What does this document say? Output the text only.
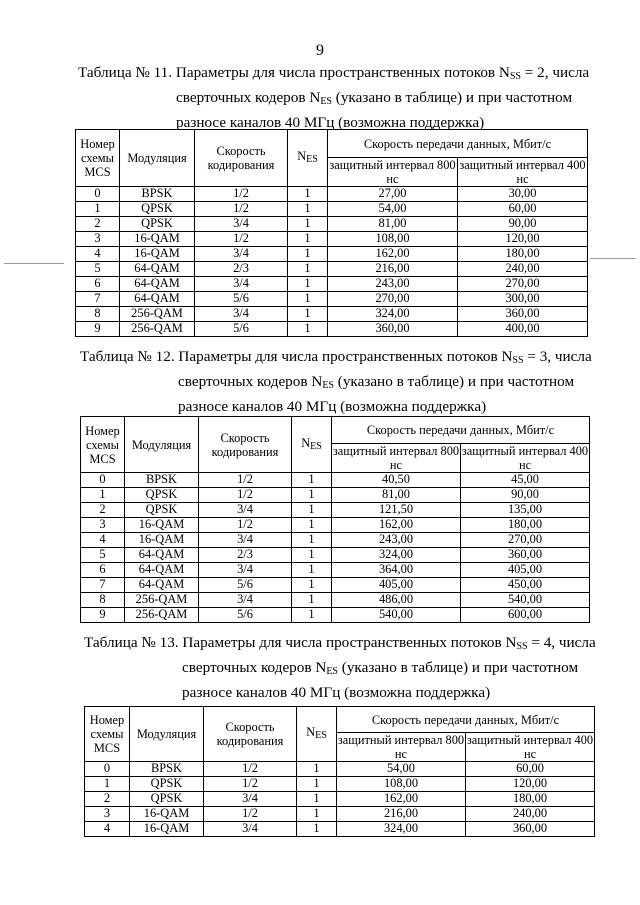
9
Таблица № 11. Параметры для числа пространственных потоков $N_{SS} = 2$, числа
сверточных кодеров $N_{ES}$ (указано в таблице) и при частотном
разносе каналов 40 МГц (возможна поддержка)
Номер схемы MCS	Модуляция	Скорость кодирования	$N_{ES}$	Скорость передачи данных, Мбит/с	
				защитный интервал 800 нс	защитный интервал 400 нс
0	BPSK	1/2	1	27,00	30,00
1	QPSK	1/2	1	54,00	60,00
2	QPSK	3/4	1	81,00	90,00
3	16-QAM	1/2	1	108,00	120,00
4	16-QAM	3/4	1	162,00	180,00
5	64-QAM	2/3	1	216,00	240,00
6	64-QAM	3/4	1	243,00	270,00
7	64-QAM	5/6	1	270,00	300,00
8	256-QAM	3/4	1	324,00	360,00
9	256-QAM	5/6	1	360,00	400,00
Таблица № 12. Параметры для числа пространственных потоков $N_{SS} = 3$, числа
сверточных кодеров $N_{ES}$ (указано в таблице) и при частотном
разносе каналов 40 МГц (возможна поддержка)
Номер схемы MCS	Модуляция	Скорость кодирования	$N_{ES}$	Скорость передачи данных, Мбит/с	
				защитный интервал 800 нс	защитный интервал 400 нс
0	BPSK	1/2	1	40,50	45,00
1	QPSK	1/2	1	81,00	90,00
2	QPSK	3/4	1	121,50	135,00
3	16-QAM	1/2	1	162,00	180,00
4	16-QAM	3/4	1	243,00	270,00
5	64-QAM	2/3	1	324,00	360,00
6	64-QAM	3/4	1	364,00	405,00
7	64-QAM	5/6	1	405,00	450,00
8	256-QAM	3/4	1	486,00	540,00
9	256-QAM	5/6	1	540,00	600,00
Таблица № 13. Параметры для числа пространственных потоков $N_{SS} = 4$, числа
сверточных кодеров $N_{ES}$ (указано в таблице) и при частотном
разносе каналов 40 МГц (возможна поддержка)
Номер схемы MCS	Модуляция	Скорость кодирования	$N_{ES}$	Скорость передачи данных, Мбит/с	
				защитный интервал 800 нс	защитный интервал 400 нс
0	BPSK	1/2	1	54,00	60,00
1	QPSK	1/2	1	108,00	120,00
2	QPSK	3/4	1	162,00	180,00
3	16-QAM	1/2	1	216,00	240,00
4	16-QAM	3/4	1	324,00	360,00
